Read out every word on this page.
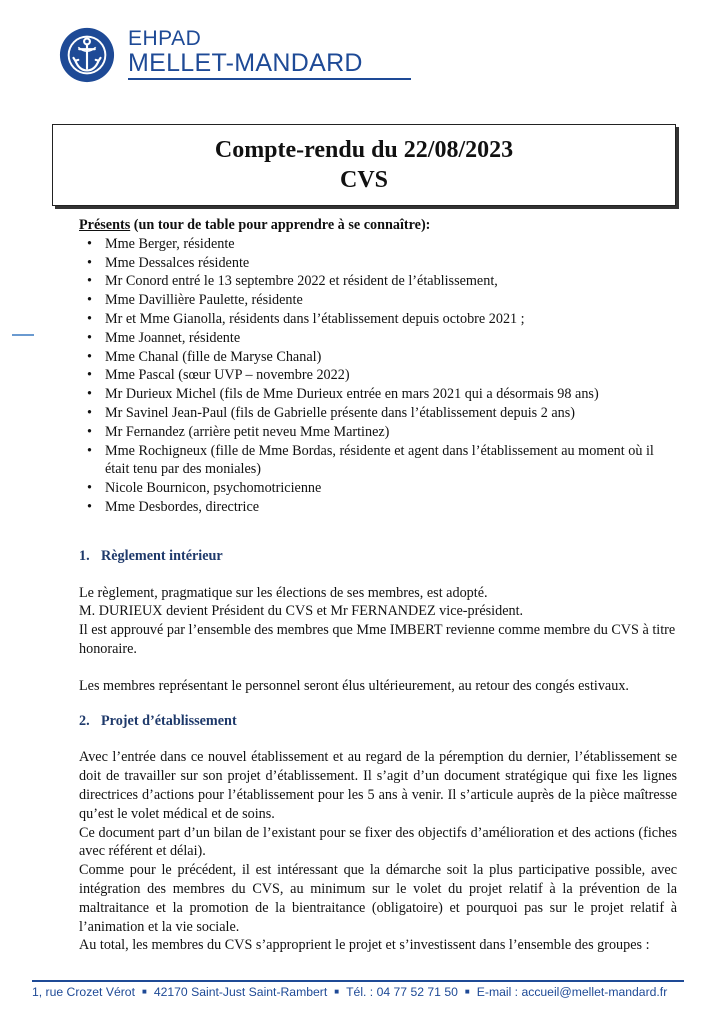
EHPAD
MELLET-MANDARD
Compte-rendu du 22/08/2023
CVS
Présents (un tour de table pour apprendre à se connaître):
• Mme Berger, résidente
• Mme Dessalces résidente
• Mr Conord entré le 13 septembre 2022 et résident de l’établissement,
• Mme Davillière Paulette, résidente
• Mr et Mme Gianolla, résidents dans l’établissement depuis octobre 2021 ;
• Mme Joannet, résidente
• Mme Chanal (fille de Maryse Chanal)
• Mme Pascal (sœur UVP – novembre 2022)
• Mr Durieux Michel (fils de Mme Durieux entrée en mars 2021 qui a désormais 98 ans)
• Mr Savinel Jean-Paul (fils de Gabrielle présente dans l’établissement depuis 2 ans)
• Mr Fernandez (arrière petit neveu Mme Martinez)
• Mme Rochigneux (fille de Mme Bordas, résidente et agent dans l’établissement au moment où il était tenu par des moniales)
• Nicole Bournicon, psychomotricienne
• Mme Desbordes, directrice
1. Règlement intérieur

Le règlement, pragmatique sur les élections de ses membres, est adopté.

M. DURIEUX devient Président du CVS et Mr FERNANDEZ vice-président.

Il est approuvé par l’ensemble des membres que Mme IMBERT revienne comme membre du CVS à titre honoraire.

Les membres représentant le personnel seront élus ultérieurement, au retour des congés estivaux.

2. Projet d’établissement

Avec l’entrée dans ce nouvel établissement et au regard de la péremption du dernier, l’établissement se doit de travailler sur son projet d’établissement. Il s’agit d’un document stratégique qui fixe les lignes directrices d’actions pour l’établissement pour les 5 ans à venir. Il s’articule auprès de la pièce maîtresse qu’est le volet médical et de soins.

Ce document part d’un bilan de l’existant pour se fixer des objectifs d’amélioration et des actions (fiches avec référent et délai).

Comme pour le précédent, il est intéressant que la démarche soit la plus participative possible, avec intégration des membres du CVS, au minimum sur le volet du projet relatif à la prévention de la maltraitance et la promotion de la bientraitance (obligatoire) et pourquoi pas sur le projet relatif à l’animation et la vie sociale.

Au total, les membres du CVS s’approprient le projet et s’investissent dans l’ensemble des groupes :

1, rue Crozet Vérot ■ 42170 Saint-Just Saint-Rambert ■ Tél. : 04 77 52 71 50 ■ E-mail : accueil@mellet-mandard.fr
